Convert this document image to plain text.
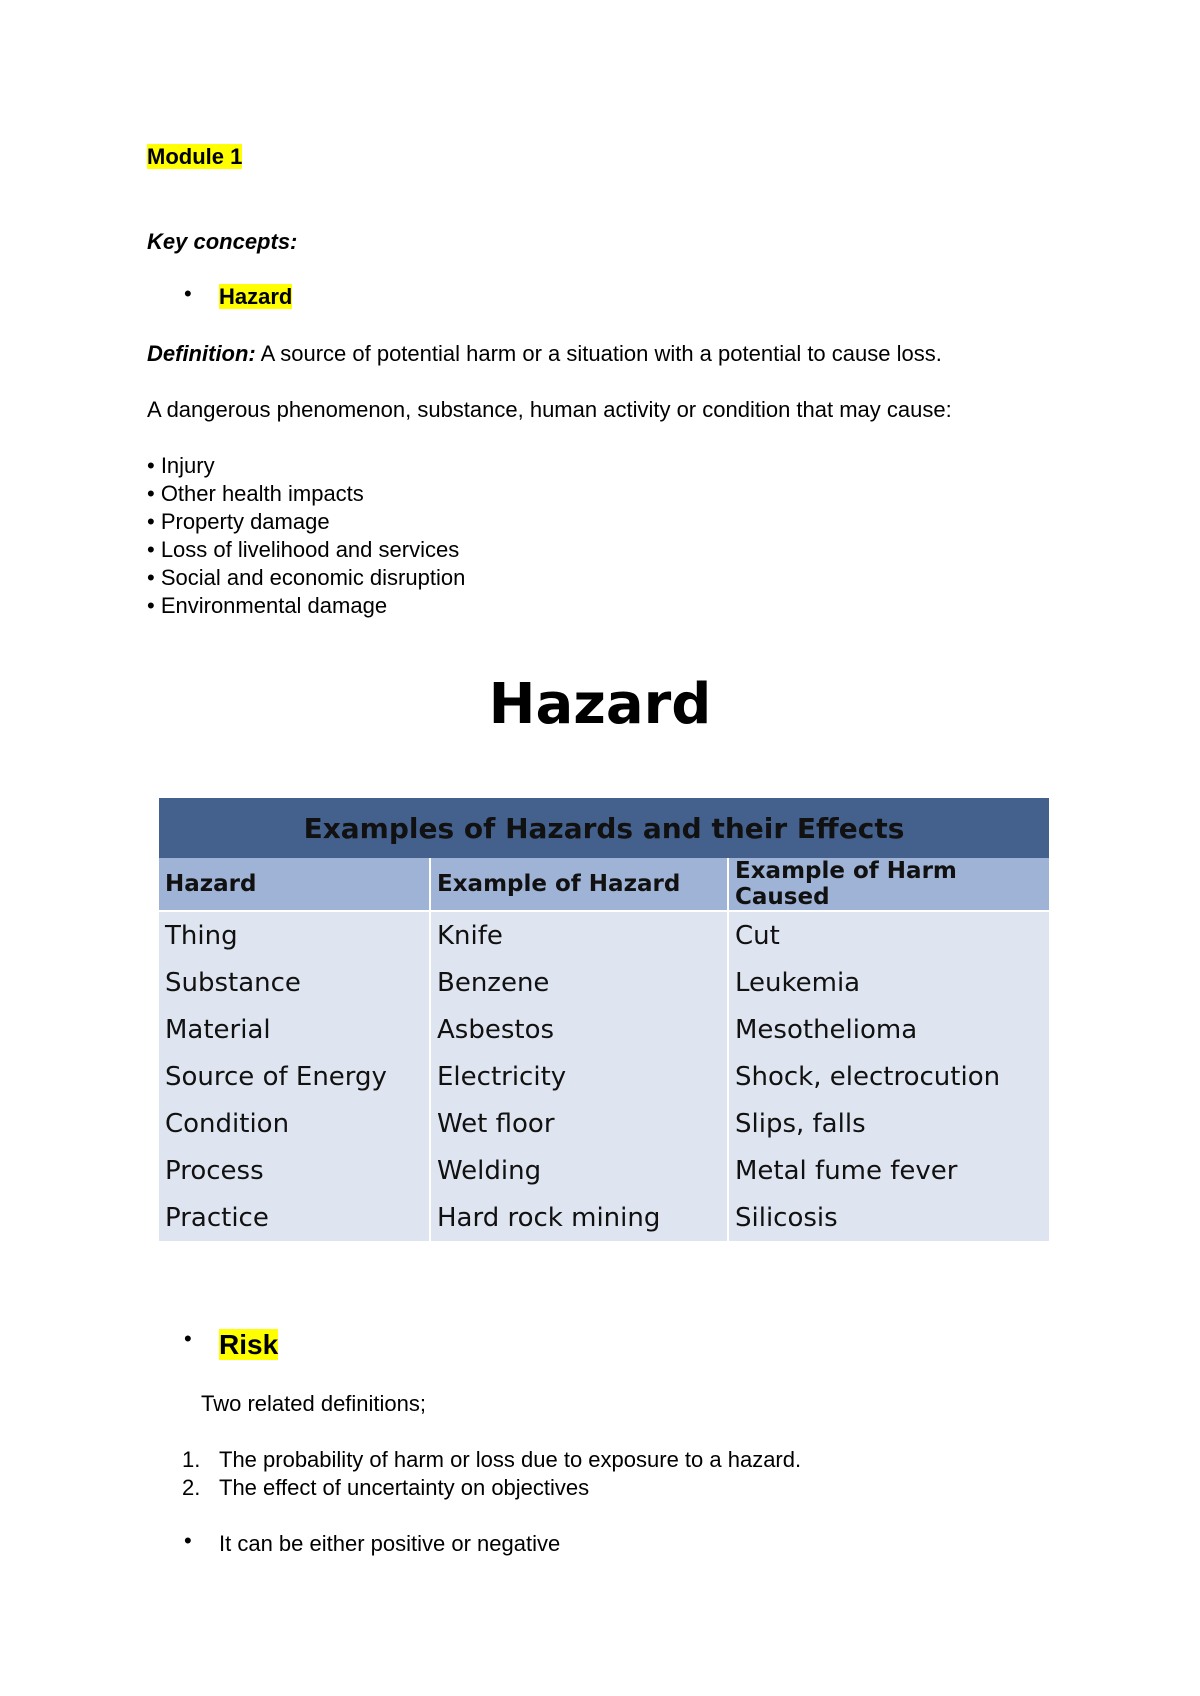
Module 1
Key concepts:
• Hazard
Definition: A source of potential harm or a situation with a potential to cause loss.
A dangerous phenomenon, substance, human activity or condition that may cause:
• Injury
• Other health impacts
• Property damage
• Loss of livelihood and services
• Social and economic disruption
• Environmental damage
Hazard
Examples of Hazards and their Effects		
Hazard	Example of Hazard	Example of Harm Caused
Thing	Knife	Cut
Substance	Benzene	Leukemia
Material	Asbestos	Mesothelioma
Source of Energy	Electricity	Shock, electrocution
Condition	Wet floor	Slips, falls
Process	Welding	Metal fume fever
Practice	Hard rock mining	Silicosis
• Risk
Two related definitions;
1. The probability of harm or loss due to exposure to a hazard.
2. The effect of uncertainty on objectives
• It can be either positive or negative
